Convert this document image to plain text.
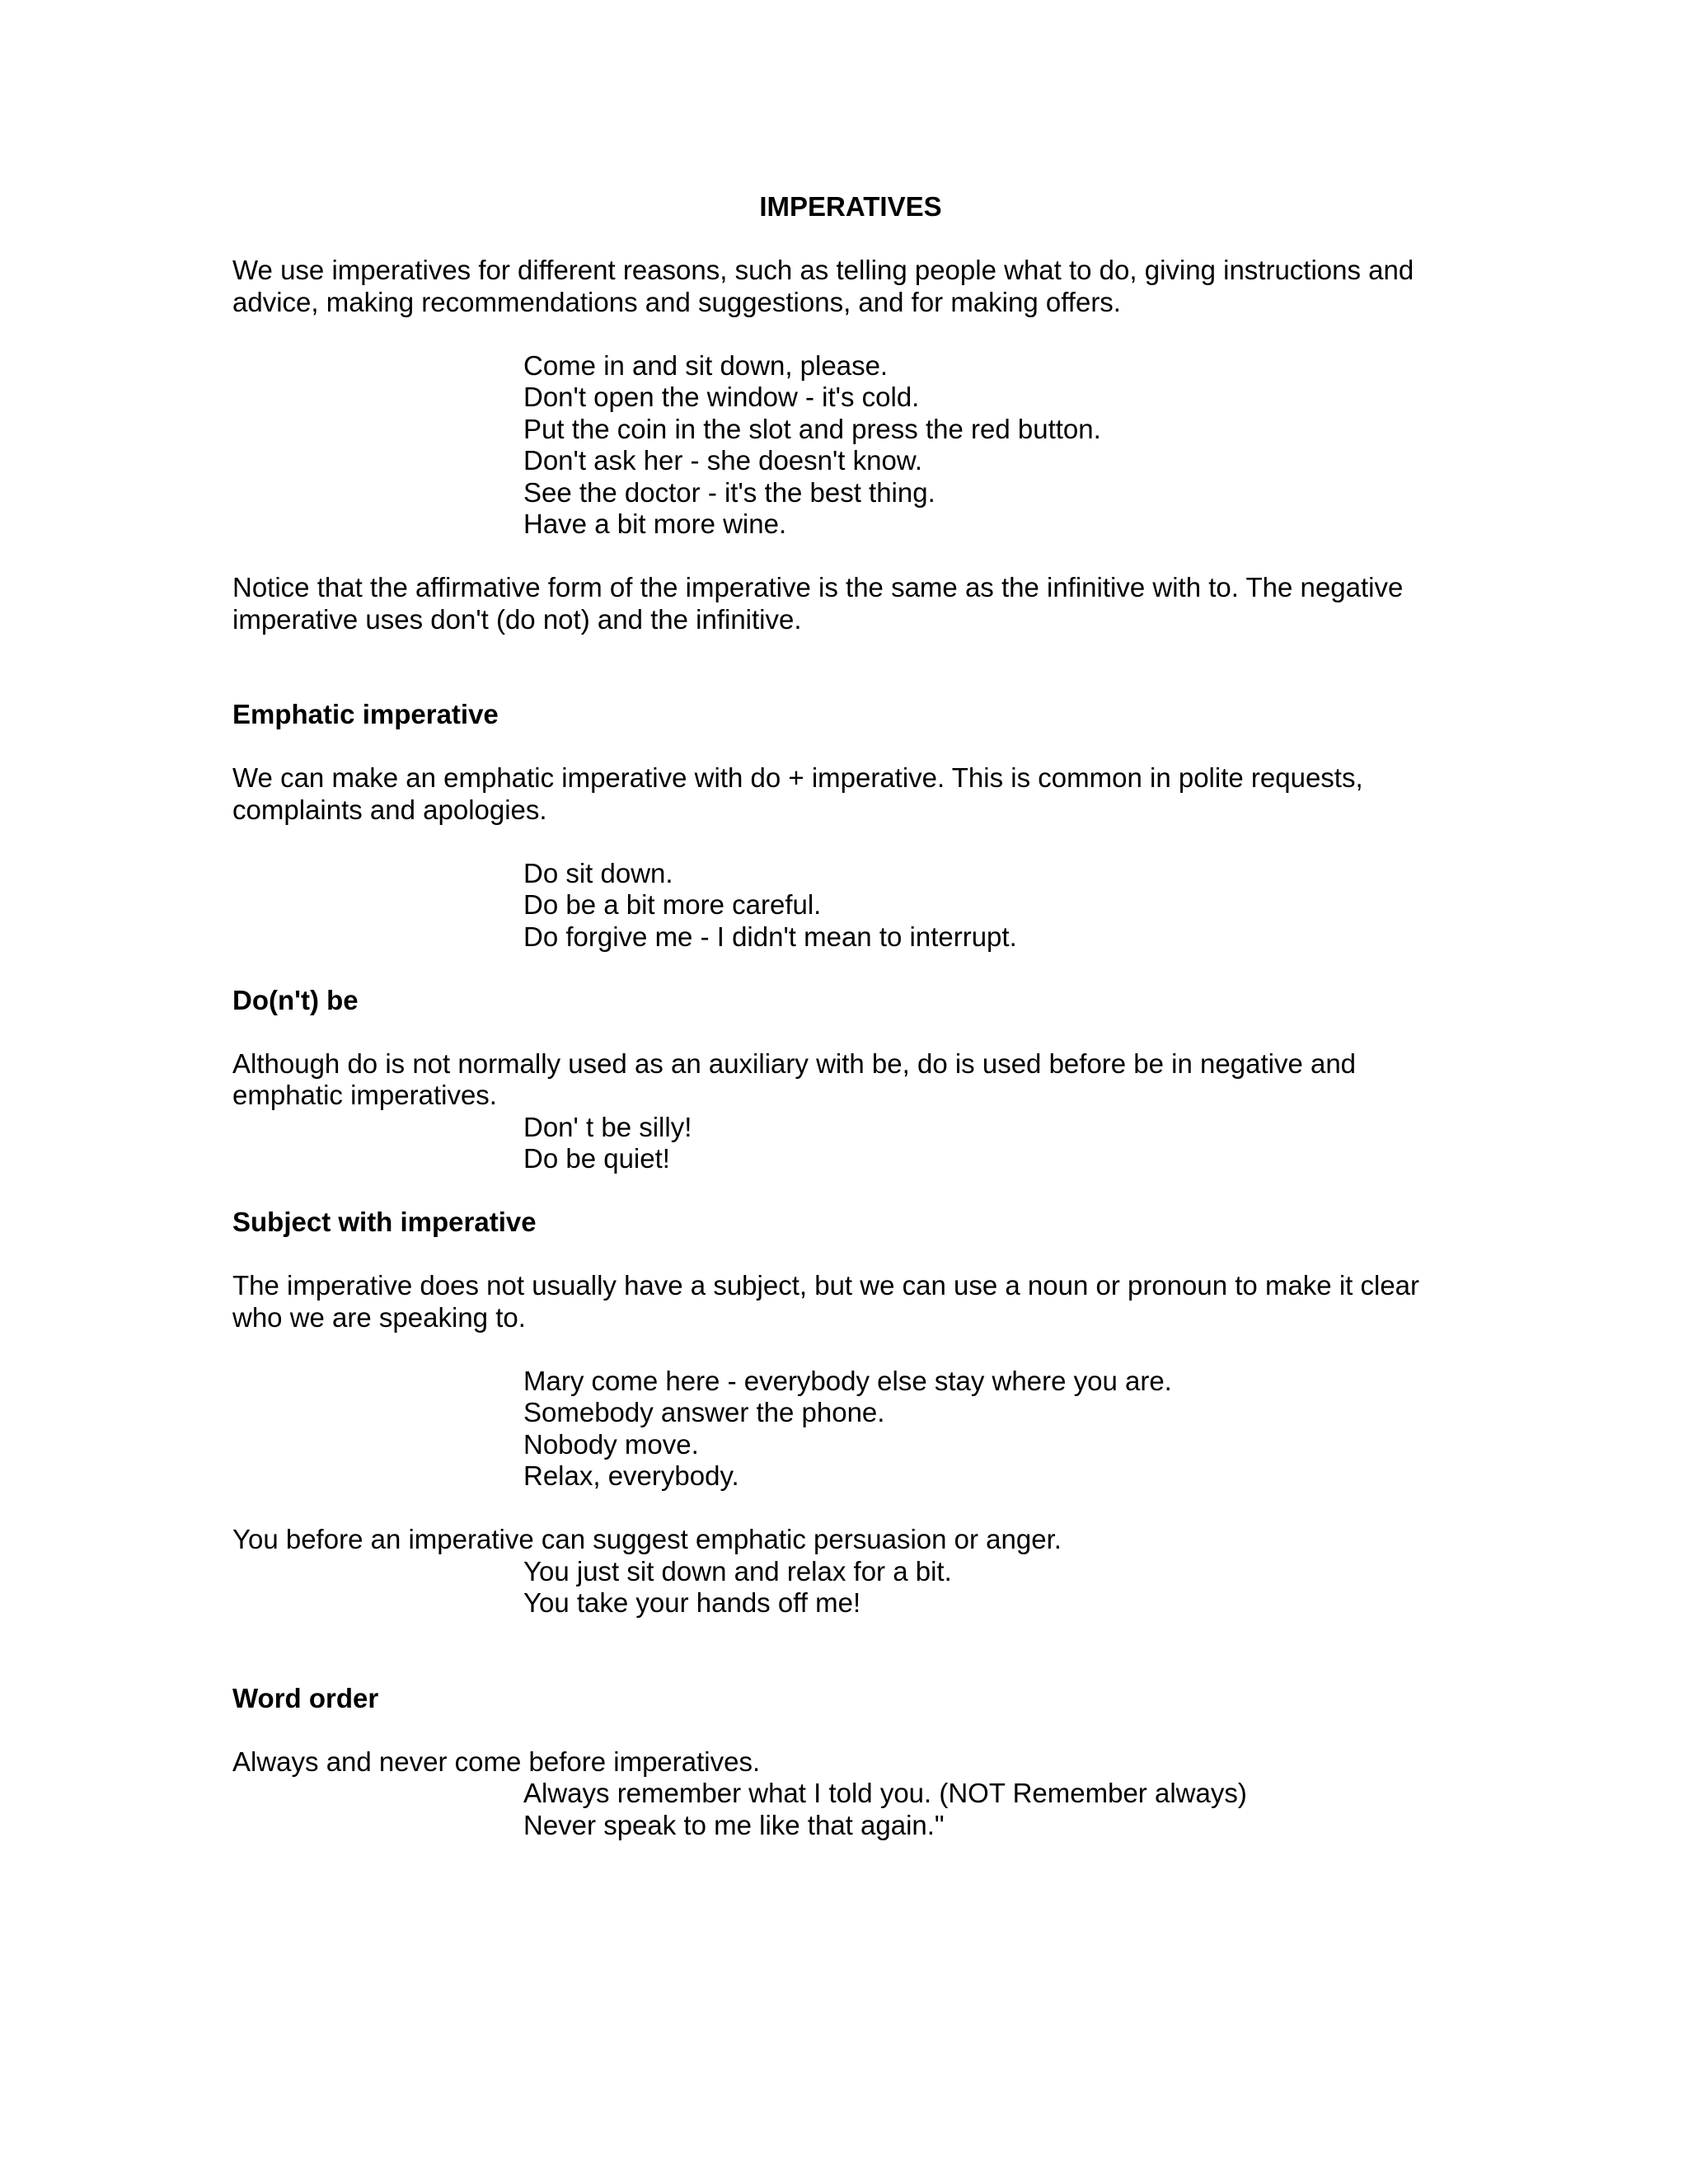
IMPERATIVES
We use imperatives for different reasons, such as telling people what to do, giving instructions and
advice, making recommendations and suggestions, and for making offers.
Come in and sit down, please.
Don't open the window - it's cold.
Put the coin in the slot and press the red button.
Don't ask her - she doesn't know.
See the doctor - it's the best thing.
Have a bit more wine.
Notice that the affirmative form of the imperative is the same as the infinitive with to. The negative
imperative uses don't (do not) and the infinitive.
Emphatic imperative
We can make an emphatic imperative with do + imperative. This is common in polite requests,
complaints and apologies.
Do sit down.
Do be a bit more careful.
Do forgive me - I didn't mean to interrupt.
Do(n't) be
Although do is not normally used as an auxiliary with be, do is used before be in negative and
emphatic imperatives.
Don' t be silly!
Do be quiet!
Subject with imperative
The imperative does not usually have a subject, but we can use a noun or pronoun to make it clear
who we are speaking to.
Mary come here - everybody else stay where you are.
Somebody answer the phone.
Nobody move.
Relax, everybody.
You before an imperative can suggest emphatic persuasion or anger.
You just sit down and relax for a bit.
You take your hands off me!
Word order
Always and never come before imperatives.
Always remember what I told you. (NOT Remember always)
Never speak to me like that again."
